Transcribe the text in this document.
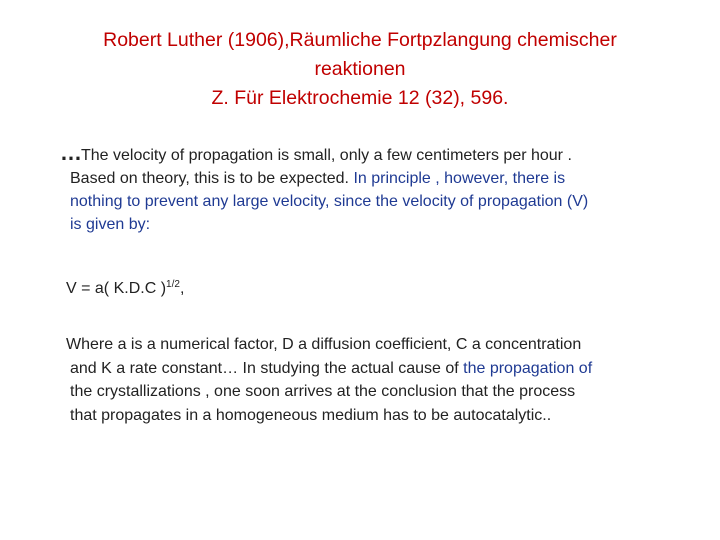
Robert Luther (1906),Räumliche Fortpzlangung chemischer
reaktionen
Z. Für Elektrochemie 12 (32), 596.
…The velocity of propagation is small, only a few centimeters per hour .
Based on theory, this is to be expected. In principle , however, there is
nothing to prevent any large velocity, since the velocity of propagation (V)
is given by:
V = a( K.D.C )$^{1/2}$,
Where a is a numerical factor, D a diffusion coefficient, C a concentration
and K a rate constant… In studying the actual cause of the propagation of
the crystallizations , one soon arrives at the conclusion that the process
that propagates in a homogeneous medium has to be autocatalytic..
